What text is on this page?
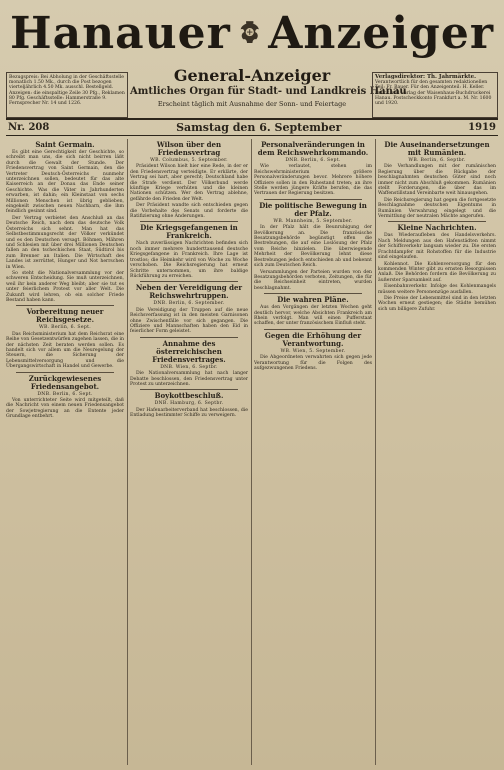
Hanauer Anzeiger
General-Anzeiger
Amtliches Organ für Stadt- und Landkreis Hanau
Erscheint täglich mit Ausnahme der Sonn- und Feiertage
Bezugspreis: Bei Abholung in der Geschäftsstelle monatlich 1.50 Mk., durch die Post bezogen vierteljährlich 4.50 Mk. ausschl. Bestellgeld. Anzeigen: die einspaltige Zeile 30 Pfg., Reklamen 80 Pfg. Geschäftsstelle: Hammerstraße 9. Fernsprecher Nr. 14 und 1226.
Verlagsdirektor: Th. Jahrmärkte.
Verantwortlich für den gesamten redaktionellen Teil: Fr. Bauer. Für den Anzeigenteil: H. Keller. Druck und Verlag der Waisenhaus-Buchdruckerei Hanau. Postscheckkonto Frankfurt a. M. Nr. 1600 und 1920.
Nr. 208	Samstag den 6. September	1919
Saint Germain.

Es gibt eine Gerechtigkeit der Geschichte, so schreibt man uns, die sich nicht beirren läßt durch die Gewalt der Stunde. Der Friedensvertrag von Saint Germain, den die Vertreter Deutsch-Österreichs nunmehr unterzeichnen sollen, bedeutet für das alte Kaiserreich an der Donau das Ende seiner Geschichte. Was die Väter in Jahrhunderten erwarben, ist dahin; ein Kleinstaat von sechs Millionen Menschen ist übrig geblieben, eingekeilt zwischen neuen Nachbarn, die ihm feindlich gesinnt sind.

Der Vertrag verbietet den Anschluß an das Deutsche Reich, nach dem das deutsche Volk Österreichs sich sehnt. Man hat das Selbstbestimmungsrecht der Völker verkündet und es den Deutschen versagt. Böhmen, Mähren und Schlesien mit über drei Millionen Deutschen fallen an den tschechischen Staat, Südtirol bis zum Brenner an Italien. Die Wirtschaft des Landes ist zerrüttet, Hunger und Not herrschen in Wien.

So steht die Nationalversammlung vor der schweren Entscheidung. Sie muß unterzeichnen, weil ihr kein anderer Weg bleibt; aber sie tut es unter feierlichem Protest vor aller Welt. Die Zukunft wird lehren, ob ein solcher Friede Bestand haben kann.

Vorbereitung neuer Reichsgesetze.
WB. Berlin, 6. Sept.

Das Reichsministerium hat dem Reichsrat eine Reihe von Gesetzentwürfen zugehen lassen, die in der nächsten Zeit beraten werden sollen. Es handelt sich vor allem um die Neuregelung der Steuern, die Sicherung der Lebensmittelversorgung und die Übergangswirtschaft in Handel und Gewerbe.

Zurückgewiesenes Friedensangebot.
DNB. Berlin, 6. Sept.

Von unterrichteter Seite wird mitgeteilt, daß die Nachricht von einem neuen Friedensangebot der Sowjetregierung an die Entente jeder Grundlage entbehrt.

Wilson über den Friedensvertrag
WB. Columbus, 5. September.

Präsident Wilson hielt hier eine Rede, in der er den Friedensvertrag verteidigte. Er erklärte, der Vertrag sei hart, aber gerecht; Deutschland habe die Strafe verdient. Der Völkerbund werde künftige Kriege verhüten und die kleinen Nationen schützen. Wer den Vertrag ablehne, gefährde den Frieden der Welt.

Der Präsident wandte sich entschieden gegen die Vorbehalte des Senats und forderte die Ratifizierung ohne Änderungen.

Die Kriegsgefangenen in Frankreich.

Nach zuverlässigen Nachrichten befinden sich noch immer mehrere hunderttausend deutsche Kriegsgefangene in Frankreich. Ihre Lage ist trostlos; die Heimkehr wird von Woche zu Woche verschoben. Die Reichsregierung hat erneut Schritte unternommen, um ihre baldige Rückführung zu erreichen.

Neben der Vereidigung der Reichswehrtruppen.
DNB. Berlin, 6. September.

Die Vereidigung der Truppen auf die neue Reichsverfassung ist in den meisten Garnisonen ohne Zwischenfälle vor sich gegangen. Die Offiziere und Mannschaften haben den Eid in feierlicher Form geleistet.

Annahme des österreichischen Friedensvertrages.
DNB. Wien, 6. Septbr.

Die Nationalversammlung hat nach langer Debatte beschlossen, den Friedensvertrag unter Protest zu unterzeichnen.

Boykottbeschluß.
DNB. Hamburg, 6. Septbr.

Der Hafenarbeiterverband hat beschlossen, die Entladung bestimmter Schiffe zu verweigern.

Personalveränderungen in dem Reichswehrkommando.
DNB. Berlin, 6. Sept.

Wie verlautet, stehen im Reichswehrministerium größere Personalveränderungen bevor. Mehrere höhere Offiziere sollen in den Ruhestand treten; an ihre Stelle werden jüngere Kräfte berufen, die das Vertrauen der Regierung besitzen.

Die politische Bewegung in der Pfalz.
WB. Mannheim, 5. September.

In der Pfalz hält die Beunruhigung der Bevölkerung an. Die französische Besatzungsbehörde begünstigt offen die Bestrebungen, die auf eine Loslösung der Pfalz vom Reiche hinzielen. Die überwiegende Mehrheit der Bevölkerung lehnt diese Bestrebungen jedoch entschieden ab und bekennt sich zum Deutschen Reich.

Versammlungen der Parteien wurden von den Besatzungsbehörden verboten, Zeitungen, die für die Reichseinheit eintreten, wurden beschlagnahmt.

Die wahren Pläne.

Aus den Vorgängen der letzten Wochen geht deutlich hervor, welche Absichten Frankreich am Rhein verfolgt. Man will einen Pufferstaat schaffen, der unter französischem Einfluß steht.

Gegen die Erhöhung der Verantwortung.
WB. Wien, 5. September.

Die Abgeordneten verwahrten sich gegen jede Verantwortung für die Folgen des aufgezwungenen Friedens.

Die Auseinandersetzungen mit Rumänien.
WB. Berlin, 6. Septbr.

Die Verhandlungen mit der rumänischen Regierung über die Rückgabe der beschlagnahmten deutschen Güter sind noch immer nicht zum Abschluß gekommen. Rumänien stellt Forderungen, die über das im Waffenstillstand Vereinbarte weit hinausgehen.

Die Reichsregierung hat gegen die fortgesetzte Beschlagnahme deutschen Eigentums in Rumänien Verwahrung eingelegt und die Vermittlung der neutralen Mächte angerufen.

Kleine Nachrichten.

Das Wiederaufleben des Handelsverkehrs. Nach Meldungen aus den Hafenstädten nimmt der Schiffsverkehr langsam wieder zu. Die ersten Frachtdampfer mit Rohstoffen für die Industrie sind eingelaufen.

Kohlennot. Die Kohlenversorgung für den kommenden Winter gibt zu ernsten Besorgnissen Anlaß. Die Behörden fordern die Bevölkerung zu äußerster Sparsamkeit auf.

Eisenbahnverkehr. Infolge des Kohlenmangels müssen weitere Personenzüge ausfallen.

Die Preise der Lebensmittel sind in den letzten Wochen erneut gestiegen; die Städte bemühen sich um billigere Zufuhr.
